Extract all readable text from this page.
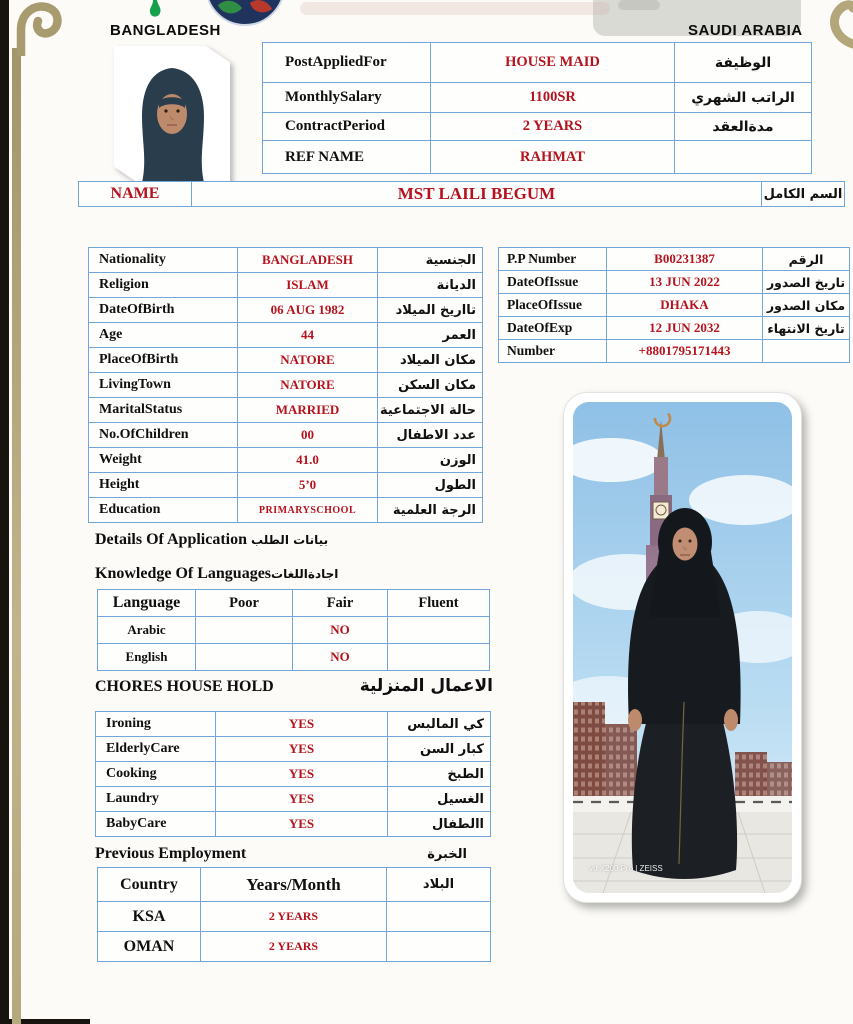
BANGLADESH	SAUDI ARABIA
PostAppliedFor	HOUSE MAID	الوظيفة
MonthlySalary	1100SR	الراتب الشهري
ContractPeriod	2 YEARS	مدةالعقد
REF NAME	RAHMAT	
NAME	MST LAILI BEGUM	السم الكامل
Nationality	BANGLADESH	الجنسية
Religion	ISLAM	الديانة
DateOfBirth	06 AUG 1982	تااريخ الميلاد
Age	44	العمر
PlaceOfBirth	NATORE	مكان الميلاد
LivingTown	NATORE	مكان السكن
MaritalStatus	MARRIED	حالة الاجتماعية
No.OfChildren	00	عدد الاطفال
Weight	41.0	الوزن
Height	5’0	الطول
Education	PRIMARYSCHOOL	الرجة العلمية
P.P Number	B00231387	الرقم
DateOfIssue	13 JUN 2022	تاريخ الصدور
PlaceOfIssue	DHAKA	مكان الصدور
DateOfExp	12 JUN 2032	تاريخ الانتهاء
Number	+8801795171443	
Details Of Application بيانات الطلب
Knowledge Of Languagesاجادةاللغات
Language	Poor	Fair	Fluent
Arabic		NO	
English		NO	
CHORES HOUSE HOLD	الاعمال المنزلية
Ironing	YES	كي المالبس
ElderlyCare	YES	كبار السن
Cooking	YES	الطبخ
Laundry	YES	الغسيل
BabyCare	YES	االطفال
Previous Employment	الخبرة
Country	Years/Month	البلاد
KSA	2 YEARS	
OMAN	2 YEARS	
vo X200 Pro | ZEISS
